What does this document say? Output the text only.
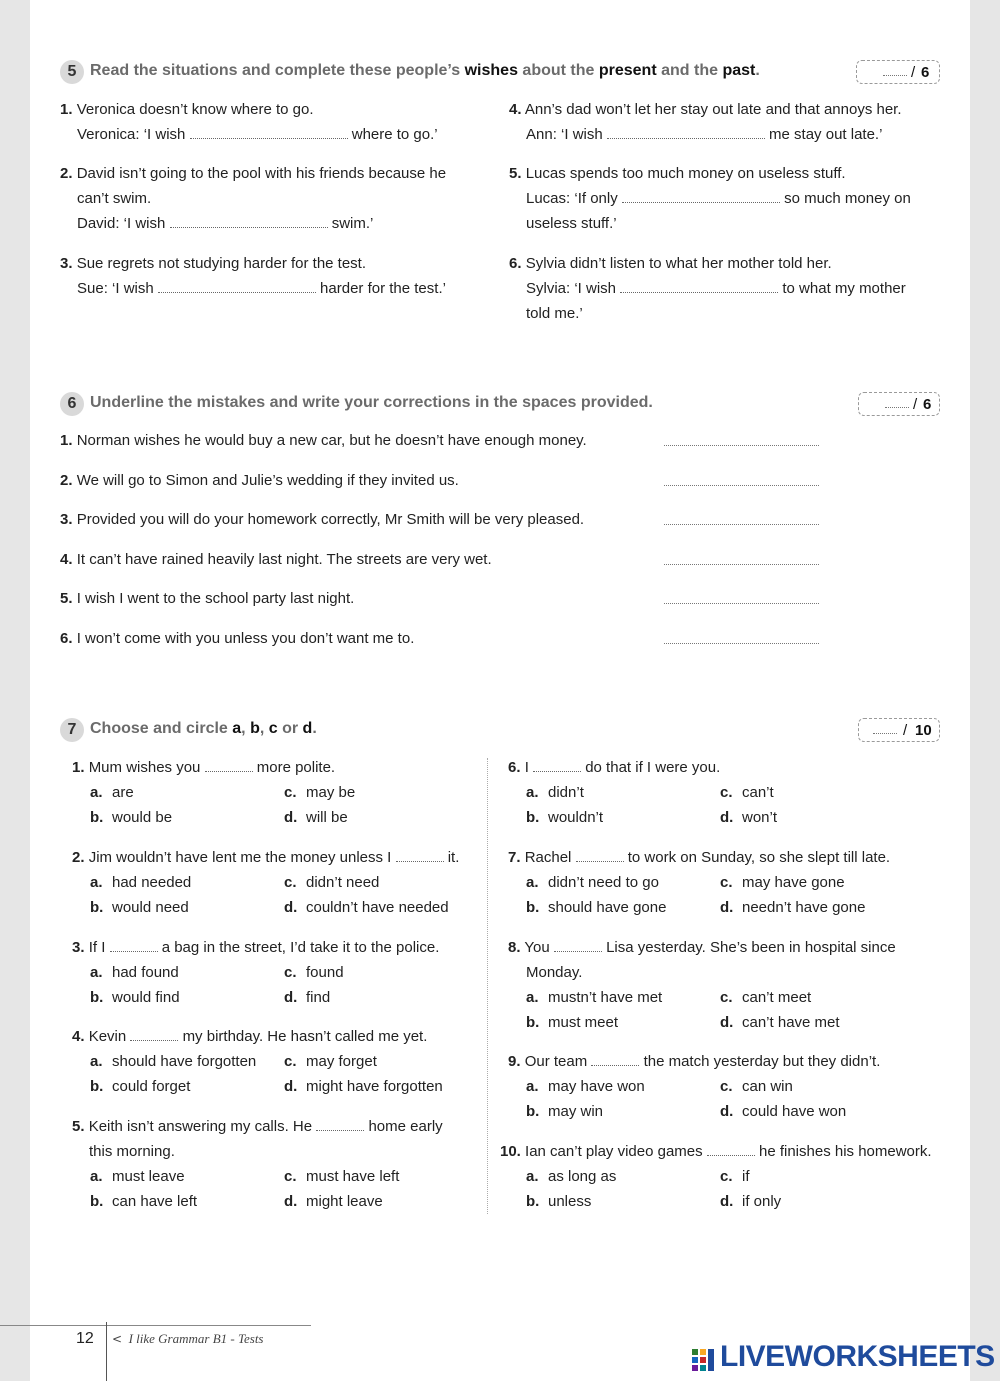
5 Read the situations and complete these people’s wishes about the present and the past.	/ 6
1. Veronica doesn’t know where to go.
Veronica: ‘I wish	where to go.’
2. David isn’t going to the pool with his friends because he
can’t swim.
David: ‘I wish	swim.’
3. Sue regrets not studying harder for the test.
Sue: ‘I wish	harder for the test.’
4. Ann’s dad won’t let her stay out late and that annoys her.
Ann: ‘I wish	me stay out late.’
5. Lucas spends too much money on useless stuff.
Lucas: ‘If only	so much money on
useless stuff.’
6. Sylvia didn’t listen to what her mother told her.
Sylvia: ‘I wish	to what my mother
told me.’
6 Underline the mistakes and write your corrections in the spaces provided.	/ 6
1. Norman wishes he would buy a new car, but he doesn’t have enough money.
2. We will go to Simon and Julie’s wedding if they invited us.
3. Provided you will do your homework correctly, Mr Smith will be very pleased.
4. It can’t have rained heavily last night. The streets are very wet.
5. I wish I went to the school party last night.
6. I won’t come with you unless you don’t want me to.
7 Choose and circle a, b, c or d.	/ 10
1. Mum wishes you	more polite.
a. are	c. may be
b. would be	d. will be
2. Jim wouldn’t have lent me the money unless I	it.
a. had needed	c. didn’t need
b. would need	d. couldn’t have needed
3. If I	a bag in the street, I’d take it to the police.
a. had found	c. found
b. would find	d. find
4. Kevin	my birthday. He hasn’t called me yet.
a. should have forgotten c. may forget
b. could forget	d. might have forgotten
5. Keith isn’t answering my calls. He	home early
this morning.
a. must leave	c. must have left
b. can have left	d. might leave
6. I	do that if I were you.
a. didn’t	c. can’t
b. wouldn’t	d. won’t
7. Rachel	to work on Sunday, so she slept till late.
a. didn’t need to go	c. may have gone
b. should have gone	d. needn’t have gone
8. You	Lisa yesterday. She’s been in hospital since
Monday.
a. mustn’t have met	c. can’t meet
b. must meet	d. can’t have met
9. Our team	the match yesterday but they didn’t.
a. may have won	c. can win
b. may win	d. could have won
10. Ian can’t play video games	he finishes his homework.
a. as long as	c. if
b. unless	d. if only
12 < I like Grammar B1 - Tests
LIVEWORKSHEETS
